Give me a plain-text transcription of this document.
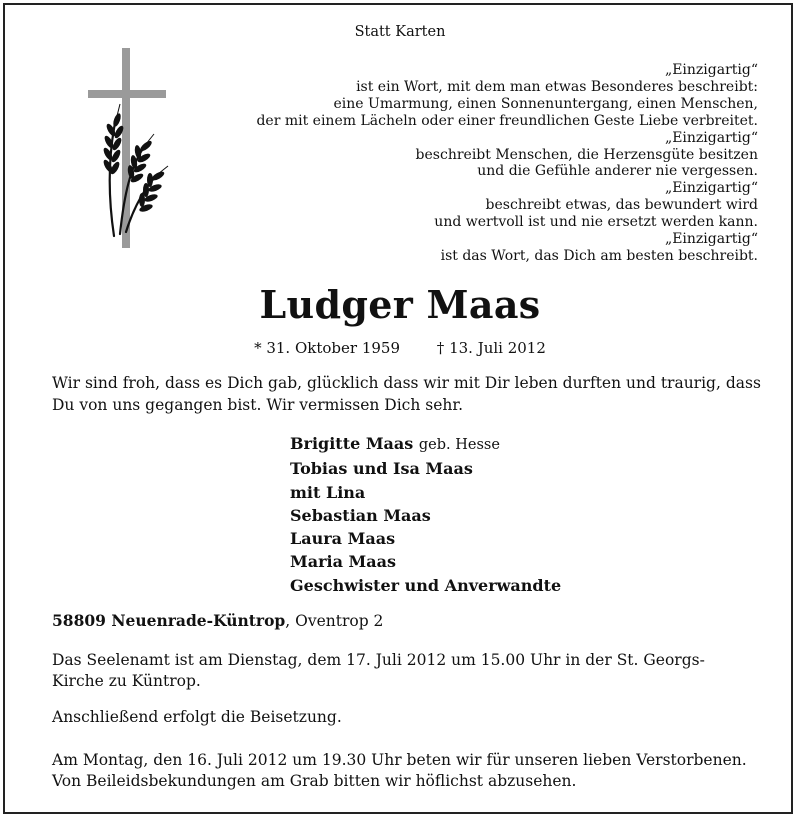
Statt Karten
„Einzigartig“
ist ein Wort, mit dem man etwas Besonderes beschreibt:
eine Umarmung, einen Sonnenuntergang, einen Menschen,
der mit einem Lächeln oder einer freundlichen Geste Liebe verbreitet.
„Einzigartig“
beschreibt Menschen, die Herzensgüte besitzen
und die Gefühle anderer nie vergessen.
„Einzigartig“
beschreibt etwas, das bewundert wird
und wertvoll ist und nie ersetzt werden kann.
„Einzigartig“
ist das Wort, das Dich am besten beschreibt.
Ludger Maas
* 31. Oktober 1959 † 13. Juli 2012
Wir sind froh, dass es Dich gab, glücklich dass wir mit Dir leben durften und traurig, dass Du von uns gegangen bist. Wir vermissen Dich sehr.
Brigitte Maas geb. Hesse
Tobias und Isa Maas
mit Lina
Sebastian Maas
Laura Maas
Maria Maas
Geschwister und Anverwandte
58809 Neuenrade-Küntrop, Oventrop 2
Das Seelenamt ist am Dienstag, dem 17. Juli 2012 um 15.00 Uhr in der St. Georgs-Kirche zu Küntrop.
Anschließend erfolgt die Beisetzung.
Am Montag, den 16. Juli 2012 um 19.30 Uhr beten wir für unseren lieben Verstorbenen.
Von Beileidsbekundungen am Grab bitten wir höflichst abzusehen.
